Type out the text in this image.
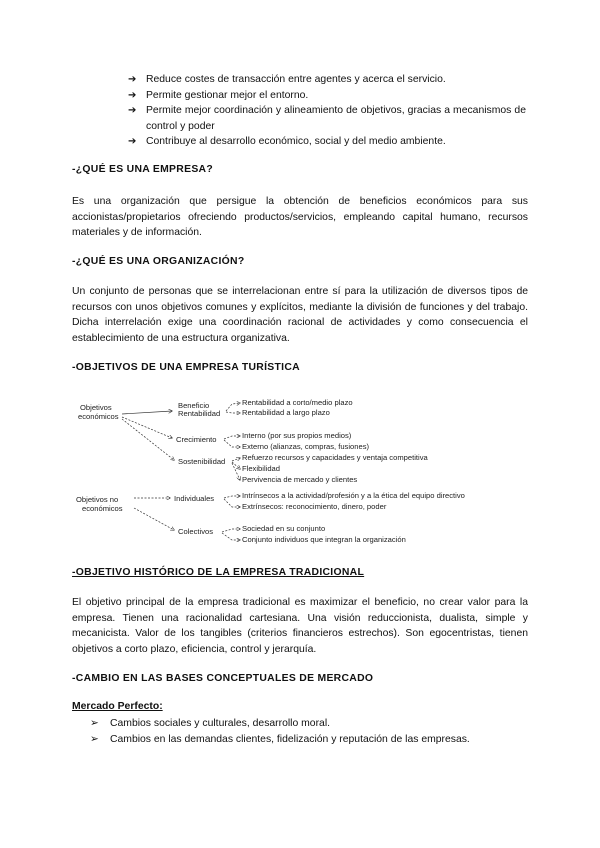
➔ Reduce costes de transacción entre agentes y acerca el servicio.
➔ Permite gestionar mejor el entorno.
➔ Permite mejor coordinación y alineamiento de objetivos, gracias a mecanismos de control y poder
➔ Contribuye al desarrollo económico, social y del medio ambiente.

-¿QUÉ ES UNA EMPRESA?

Es una organización que persigue la obtención de beneficios económicos para sus accionistas/propietarios ofreciendo productos/servicios, empleando capital humano, recursos materiales y de información.

-¿QUÉ ES UNA ORGANIZACIÓN?

Un conjunto de personas que se interrelacionan entre sí para la utilización de diversos tipos de recursos con unos objetivos comunes y explícitos, mediante la división de funciones y del trabajo. Dicha interrelación exige una coordinación racional de actividades y como consecuencia el establecimiento de una estructura organizativa.

-OBJETIVOS DE UNA EMPRESA TURÍSTICA

Objetivos
económicos
Objetivos no
económicos
Beneficio
Rentabilidad
Crecimiento
Sostenibilidad
Individuales
Colectivos
Rentabilidad a corto/medio plazo
Rentabilidad a largo plazo
Interno (por sus propios medios)
Externo (alianzas, compras, fusiones)
Refuerzo recursos y capacidades y ventaja competitiva
Flexibilidad
Pervivencia de mercado y clientes
Intrínsecos a la actividad/profesión y a la ética del equipo directivo
Extrínsecos: reconocimiento, dinero, poder
Sociedad en su conjunto
Conjunto individuos que integran la organización

-OBJETIVO HISTÓRICO DE LA EMPRESA TRADICIONAL

El objetivo principal de la empresa tradicional es maximizar el beneficio, no crear valor para la empresa. Tienen una racionalidad cartesiana. Una visión reduccionista, dualista, simple y mecanicista. Valor de los tangibles (criterios financieros estrechos). Son egocentristas, tienen objetivos a corto plazo, eficiencia, control y jerarquía.

-CAMBIO EN LAS BASES CONCEPTUALES DE MERCADO

Mercado Perfecto:

➢ Cambios sociales y culturales, desarrollo moral.
➢ Cambios en las demandas clientes, fidelización y reputación de las empresas.
